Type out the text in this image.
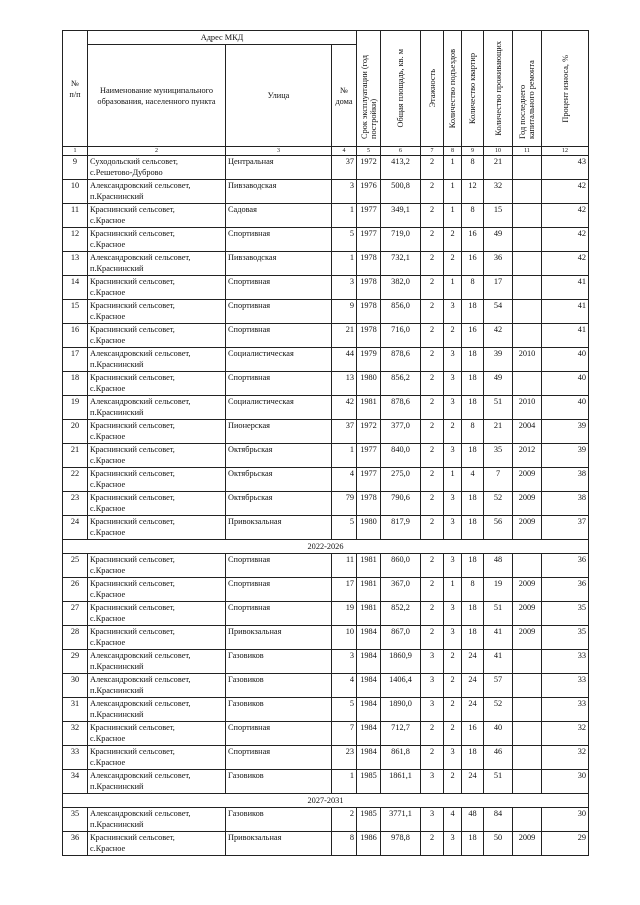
№
п/п	Адрес МКД			Срок эксплуатации (год постройки)	Общая площадь, кв. м	Этажность	Количество подъездов	Количество квартир	Количество проживающих	Год последнего капитального ремонта	Процент износа, %

	Наименование муниципального образования, населенного пункта	Улица	№
дома								
1	2	3	4	5	6	7	8	9	10	11	12
9	Суходольский сельсовет,
с.Решетово-Дуброво	Центральная	37	1972	413,2	2	1	8	21		43
10	Александровский сельсовет,
п.Краснинский	Пивзаводская	3	1976	500,8	2	1	12	32		42
11	Краснинский сельсовет,
с.Красное	Садовая	1	1977	349,1	2	1	8	15		42
12	Краснинский сельсовет,
с.Красное	Спортивная	5	1977	719,0	2	2	16	49		42
13	Александровский сельсовет,
п.Краснинский	Пивзаводская	1	1978	732,1	2	2	16	36		42
14	Краснинский сельсовет,
с.Красное	Спортивная	3	1978	382,0	2	1	8	17		41
15	Краснинский сельсовет,
с.Красное	Спортивная	9	1978	856,0	2	3	18	54		41
16	Краснинский сельсовет,
с.Красное	Спортивная	21	1978	716,0	2	2	16	42		41
17	Александровский сельсовет,
п.Краснинский	Социалистическая	44	1979	878,6	2	3	18	39	2010	40
18	Краснинский сельсовет,
с.Красное	Спортивная	13	1980	856,2	2	3	18	49		40
19	Александровский сельсовет,
п.Краснинский	Социалистическая	42	1981	878,6	2	3	18	51	2010	40
20	Краснинский сельсовет,
с.Красное	Пионерская	37	1972	377,0	2	2	8	21	2004	39
21	Краснинский сельсовет,
с.Красное	Октябрьская	1	1977	840,0	2	3	18	35	2012	39
22	Краснинский сельсовет,
с.Красное	Октябрьская	4	1977	275,0	2	1	4	7	2009	38
23	Краснинский сельсовет,
с.Красное	Октябрьская	79	1978	790,6	2	3	18	52	2009	38
24	Краснинский сельсовет,
с.Красное	Привокзальная	5	1980	817,9	2	3	18	56	2009	37
2022-2026											
25	Краснинский сельсовет,
с.Красное	Спортивная	11	1981	860,0	2	3	18	48		36
26	Краснинский сельсовет,
с.Красное	Спортивная	17	1981	367,0	2	1	8	19	2009	36
27	Краснинский сельсовет,
с.Красное	Спортивная	19	1981	852,2	2	3	18	51	2009	35
28	Краснинский сельсовет,
с.Красное	Привокзальная	10	1984	867,0	2	3	18	41	2009	35
29	Александровский сельсовет,
п.Краснинский	Газовиков	3	1984	1860,9	3	2	24	41		33
30	Александровский сельсовет,
п.Краснинский	Газовиков	4	1984	1406,4	3	2	24	57		33
31	Александровский сельсовет,
п.Краснинский	Газовиков	5	1984	1890,0	3	2	24	52		33
32	Краснинский сельсовет,
с.Красное	Спортивная	7	1984	712,7	2	2	16	40		32
33	Краснинский сельсовет,
с.Красное	Спортивная	23	1984	861,8	2	3	18	46		32
34	Александровский сельсовет,
п.Краснинский	Газовиков	1	1985	1861,1	3	2	24	51		30
2027-2031											
35	Александровский сельсовет,
п.Краснинский	Газовиков	2	1985	3771,1	3	4	48	84		30
36	Краснинский сельсовет,
с.Красное	Привокзальная	8	1986	978,8	2	3	18	50	2009	29
